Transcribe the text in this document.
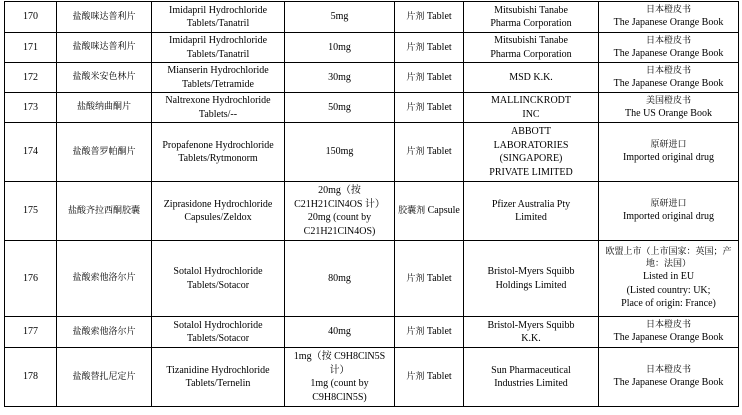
170	盐酸咪达普利片	Imidapril Hydrochloride
Tablets/Tanatril	5mg	片剂 Tablet	Mitsubishi Tanabe
Pharma Corporation	日本橙皮书
The Japanese Orange Book

171	盐酸咪达普利片	Imidapril Hydrochloride
Tablets/Tanatril	10mg	片剂 Tablet	Mitsubishi Tanabe
Pharma Corporation	日本橙皮书
The Japanese Orange Book

172	盐酸米安色林片	Mianserin Hydrochloride
Tablets/Tetramide	30mg	片剂 Tablet	MSD K.K.	日本橙皮书
The Japanese Orange Book

173	盐酸纳曲酮片	Naltrexone Hydrochloride
Tablets/--	50mg	片剂 Tablet	MALLINCKRODT
INC	美国橙皮书
The US Orange Book

174	盐酸普罗帕酮片	Propafenone Hydrochloride
Tablets/Rytmonorm	150mg	片剂 Tablet	ABBOTT
LABORATORIES
(SINGAPORE)
PRIVATE LIMITED	原研进口
Imported original drug

175	盐酸齐拉西酮胶囊	Ziprasidone Hydrochloride
Capsules/Zeldox	20mg（按
C21H21ClN4OS 计）
20mg (count by
C21H21ClN4OS)	胶囊剂 Capsule	Pfizer Australia Pty
Limited	原研进口
Imported original drug

176	盐酸索他洛尔片	Sotalol Hydrochloride
Tablets/Sotacor	80mg	片剂 Tablet	Bristol-Myers Squibb
Holdings Limited	欧盟上市（上市国家：英国；产地：法国）
Listed in EU
(Listed country: UK;
Place of origin: France)

177	盐酸索他洛尔片	Sotalol Hydrochloride
Tablets/Sotacor	40mg	片剂 Tablet	Bristol-Myers Squibb
K.K.	日本橙皮书
The Japanese Orange Book

178	盐酸替扎尼定片	Tizanidine Hydrochloride
Tablets/Ternelin	1mg（按 C9H8ClN5S
计）
1mg (count by
C9H8ClN5S)	片剂 Tablet	Sun Pharmaceutical
Industries Limited	日本橙皮书
The Japanese Orange Book
